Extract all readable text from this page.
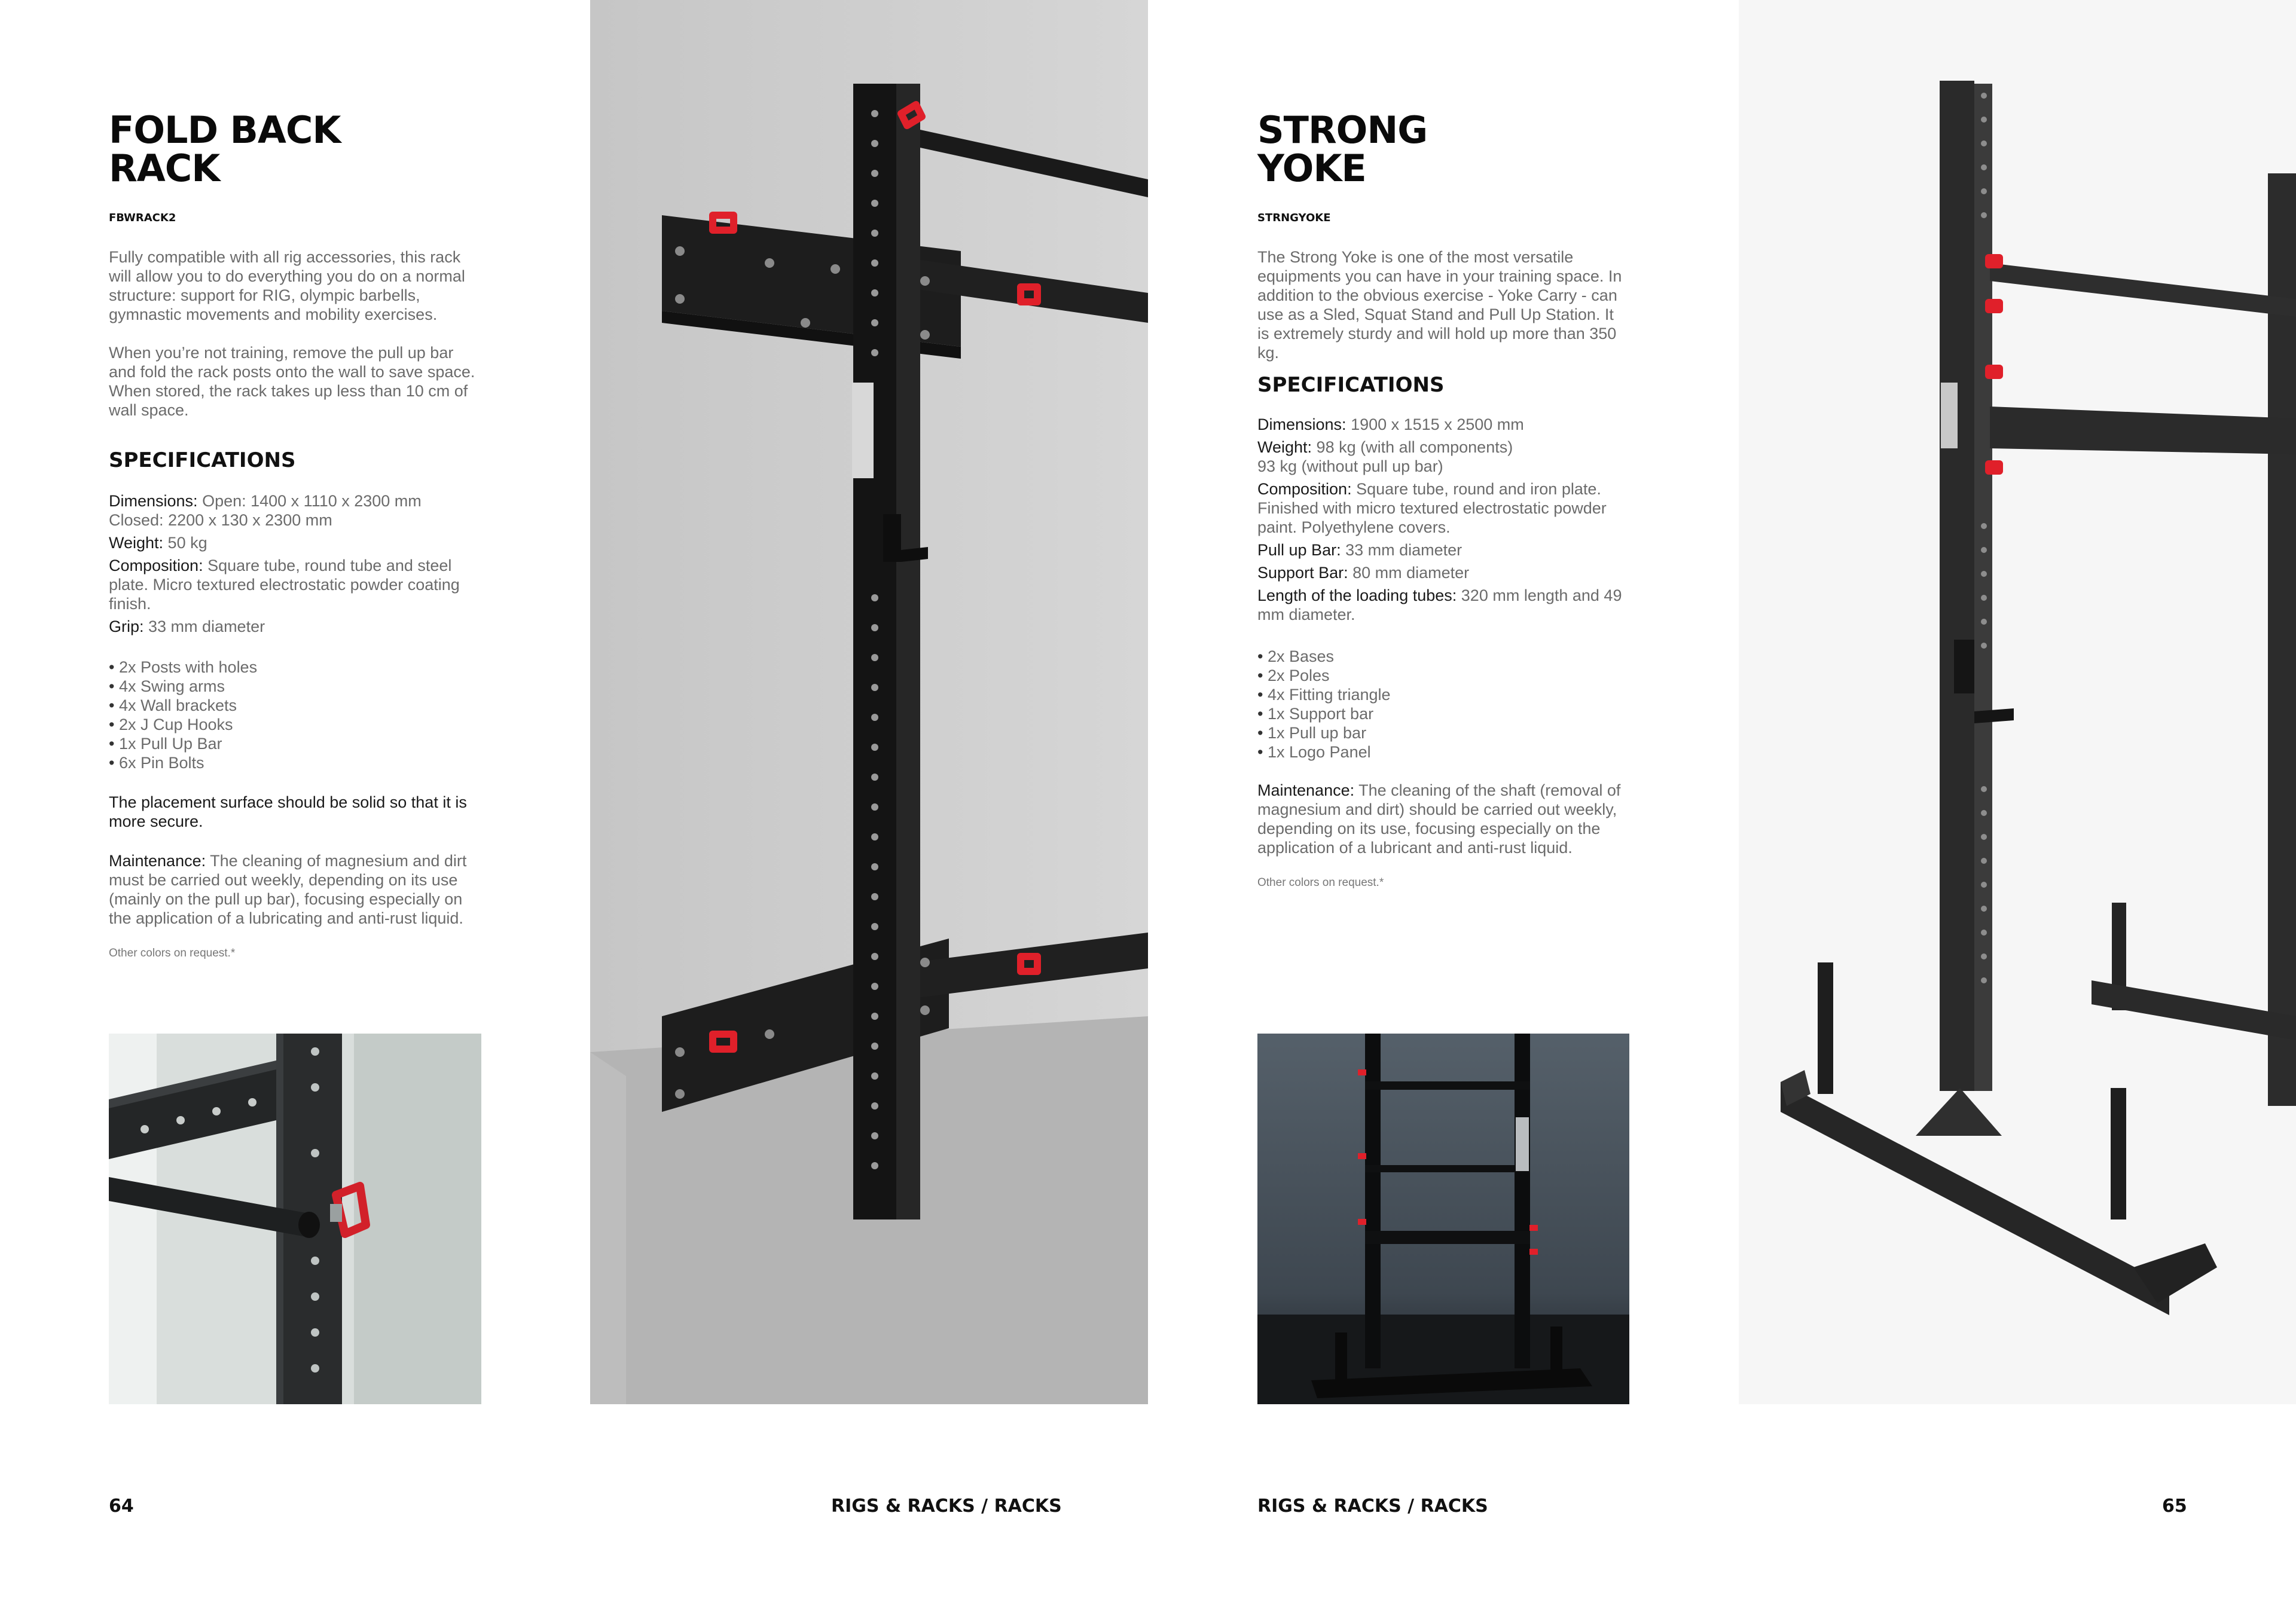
FOLD BACK
RACK
FBWRACK2

Fully compatible with all rig accessories, this rack will allow you to do everything you do on a normal structure: support for RIG, olympic barbells, gymnastic movements and mobility exercises.

When you’re not training, remove the pull up bar and fold the rack posts onto the wall to save space. When stored, the rack takes up less than 10 cm of wall space.

SPECIFICATIONS
Dimensions: Open: 1400 x 1110 x 2300 mm
Closed: 2200 x 130 x 2300 mm
Weight: 50 kg
Composition: Square tube, round tube and steel plate. Micro textured electrostatic powder coating finish.
Grip: 33 mm diameter
• 2x Posts with holes
• 4x Swing arms
• 4x Wall brackets
• 2x J Cup Hooks
• 1x Pull Up Bar
• 6x Pin Bolts
The placement surface should be solid so that it is more secure.
Maintenance: The cleaning of magnesium and dirt must be carried out weekly, depending on its use (mainly on the pull up bar), focusing especially on the application of a lubricating and anti-rust liquid.
Other colors on request.*
STRONG
YOKE
STRNGYOKE

The Strong Yoke is one of the most versatile equipments you can have in your training space. In addition to the obvious exercise - Yoke Carry - can use as a Sled, Squat Stand and Pull Up Station. It is extremely sturdy and will hold up more than 350 kg.

SPECIFICATIONS
Dimensions: 1900 x 1515 x 2500 mm
Weight: 98 kg (with all components)
93 kg (without pull up bar)
Composition: Square tube, round and iron plate. Finished with micro textured electrostatic powder paint. Polyethylene covers.
Pull up Bar: 33 mm diameter
Support Bar: 80 mm diameter
Length of the loading tubes: 320 mm length and 49 mm diameter.
• 2x Bases
• 2x Poles
• 4x Fitting triangle
• 1x Support bar
• 1x Pull up bar
• 1x Logo Panel
Maintenance: The cleaning of the shaft (removal of magnesium and dirt) should be carried out weekly, depending on its use, focusing especially on the application of a lubricant and anti-rust liquid.
Other colors on request.*
64	RIGS & RACKS / RACKS	RIGS & RACKS / RACKS	65
